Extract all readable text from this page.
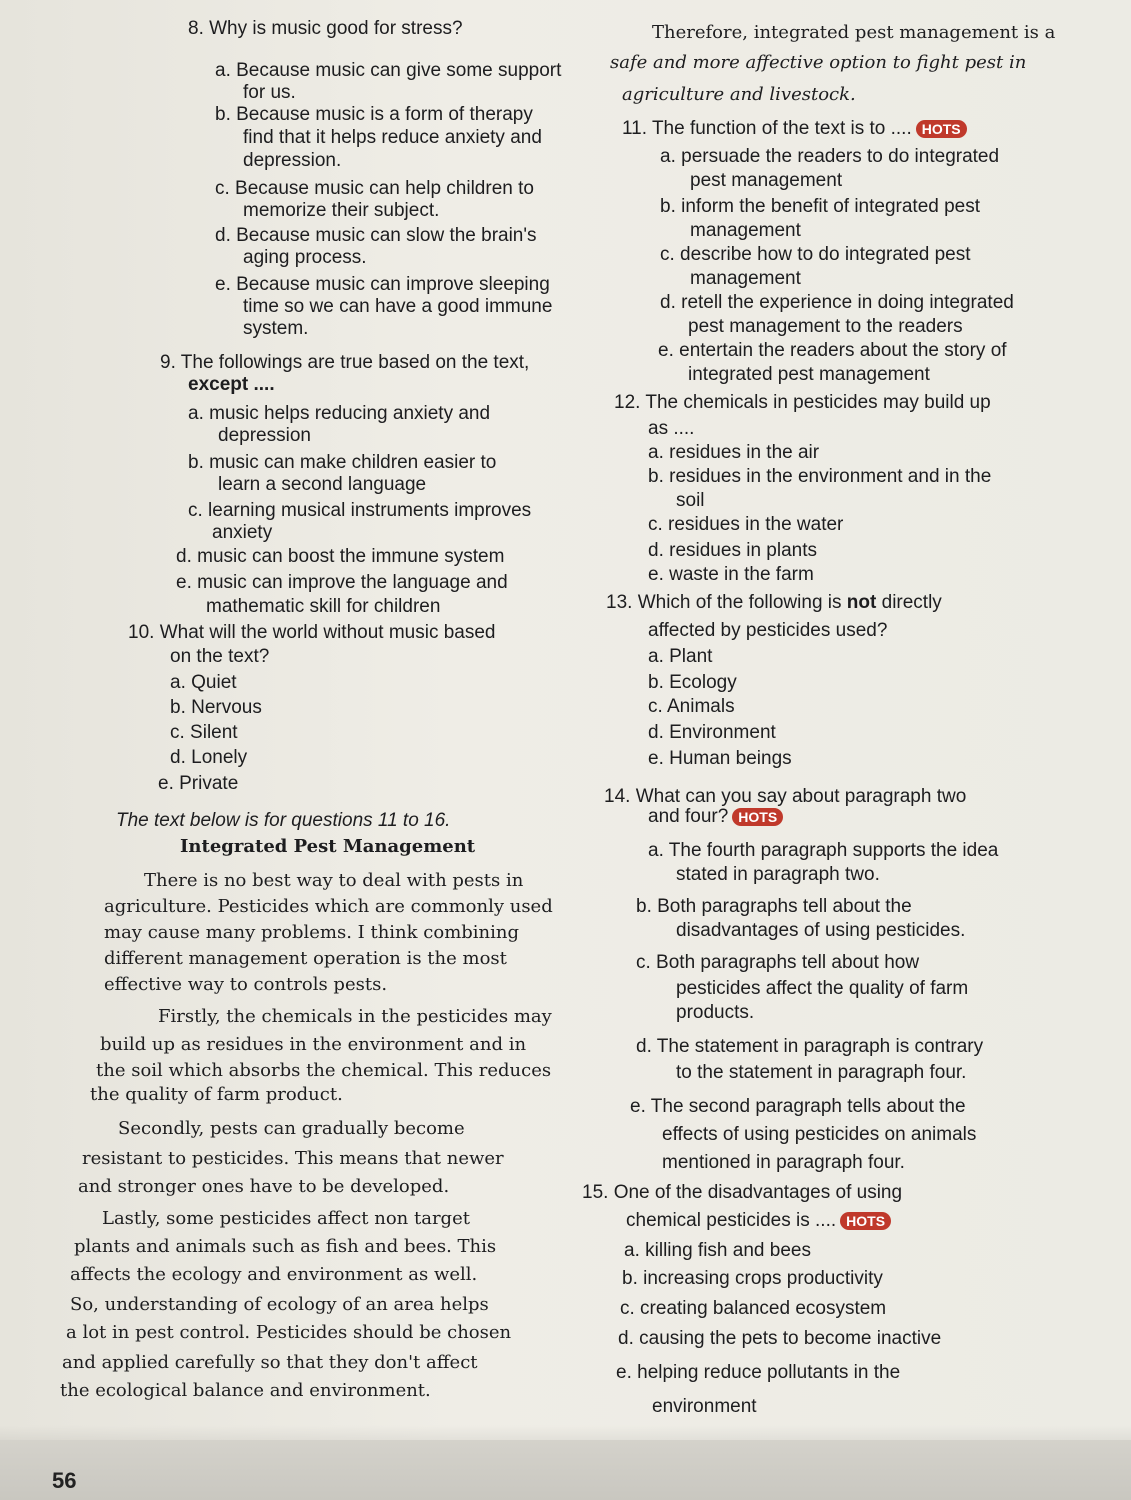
8. Why is music good for stress?
a. Because music can give some support
for us.
b. Because music is a form of therapy
find that it helps reduce anxiety and
depression.
c. Because music can help children to
memorize their subject.
d. Because music can slow the brain's
aging process.
e. Because music can improve sleeping
time so we can have a good immune
system.
9. The followings are true based on the text,
except ....
a. music helps reducing anxiety and
depression
b. music can make children easier to
learn a second language
c. learning musical instruments improves
anxiety
d. music can boost the immune system
e. music can improve the language and
mathematic skill for children
10. What will the world without music based
on the text?
a. Quiet
b. Nervous
c. Silent
d. Lonely
e. Private
The text below is for questions 11 to 16.
Integrated Pest Management
There is no best way to deal with pests in
agriculture. Pesticides which are commonly used
may cause many problems. I think combining
different management operation is the most
effective way to controls pests.
Firstly, the chemicals in the pesticides may
build up as residues in the environment and in
the soil which absorbs the chemical. This reduces
the quality of farm product.
Secondly, pests can gradually become
resistant to pesticides. This means that newer
and stronger ones have to be developed.
Lastly, some pesticides affect non target
plants and animals such as fish and bees. This
affects the ecology and environment as well.
So, understanding of ecology of an area helps
a lot in pest control. Pesticides should be chosen
and applied carefully so that they don't affect
the ecological balance and environment.
Therefore, integrated pest management is a
safe and more affective option to fight pest in
agriculture and livestock.
11. The function of the text is to .... HOTS
a. persuade the readers to do integrated
pest management
b. inform the benefit of integrated pest
management
c. describe how to do integrated pest
management
d. retell the experience in doing integrated
pest management to the readers
e. entertain the readers about the story of
integrated pest management
12. The chemicals in pesticides may build up
as ....
a. residues in the air
b. residues in the environment and in the
soil
c. residues in the water
d. residues in plants
e. waste in the farm
13. Which of the following is not directly
affected by pesticides used?
a. Plant
b. Ecology
c. Animals
d. Environment
e. Human beings
14. What can you say about paragraph two
and four? HOTS
a. The fourth paragraph supports the idea
stated in paragraph two.
b. Both paragraphs tell about the
disadvantages of using pesticides.
c. Both paragraphs tell about how
pesticides affect the quality of farm
products.
d. The statement in paragraph is contrary
to the statement in paragraph four.
e. The second paragraph tells about the
effects of using pesticides on animals
mentioned in paragraph four.
15. One of the disadvantages of using
chemical pesticides is .... HOTS
a. killing fish and bees
b. increasing crops productivity
c. creating balanced ecosystem
d. causing the pets to become inactive
e. helping reduce pollutants in the
environment
56
